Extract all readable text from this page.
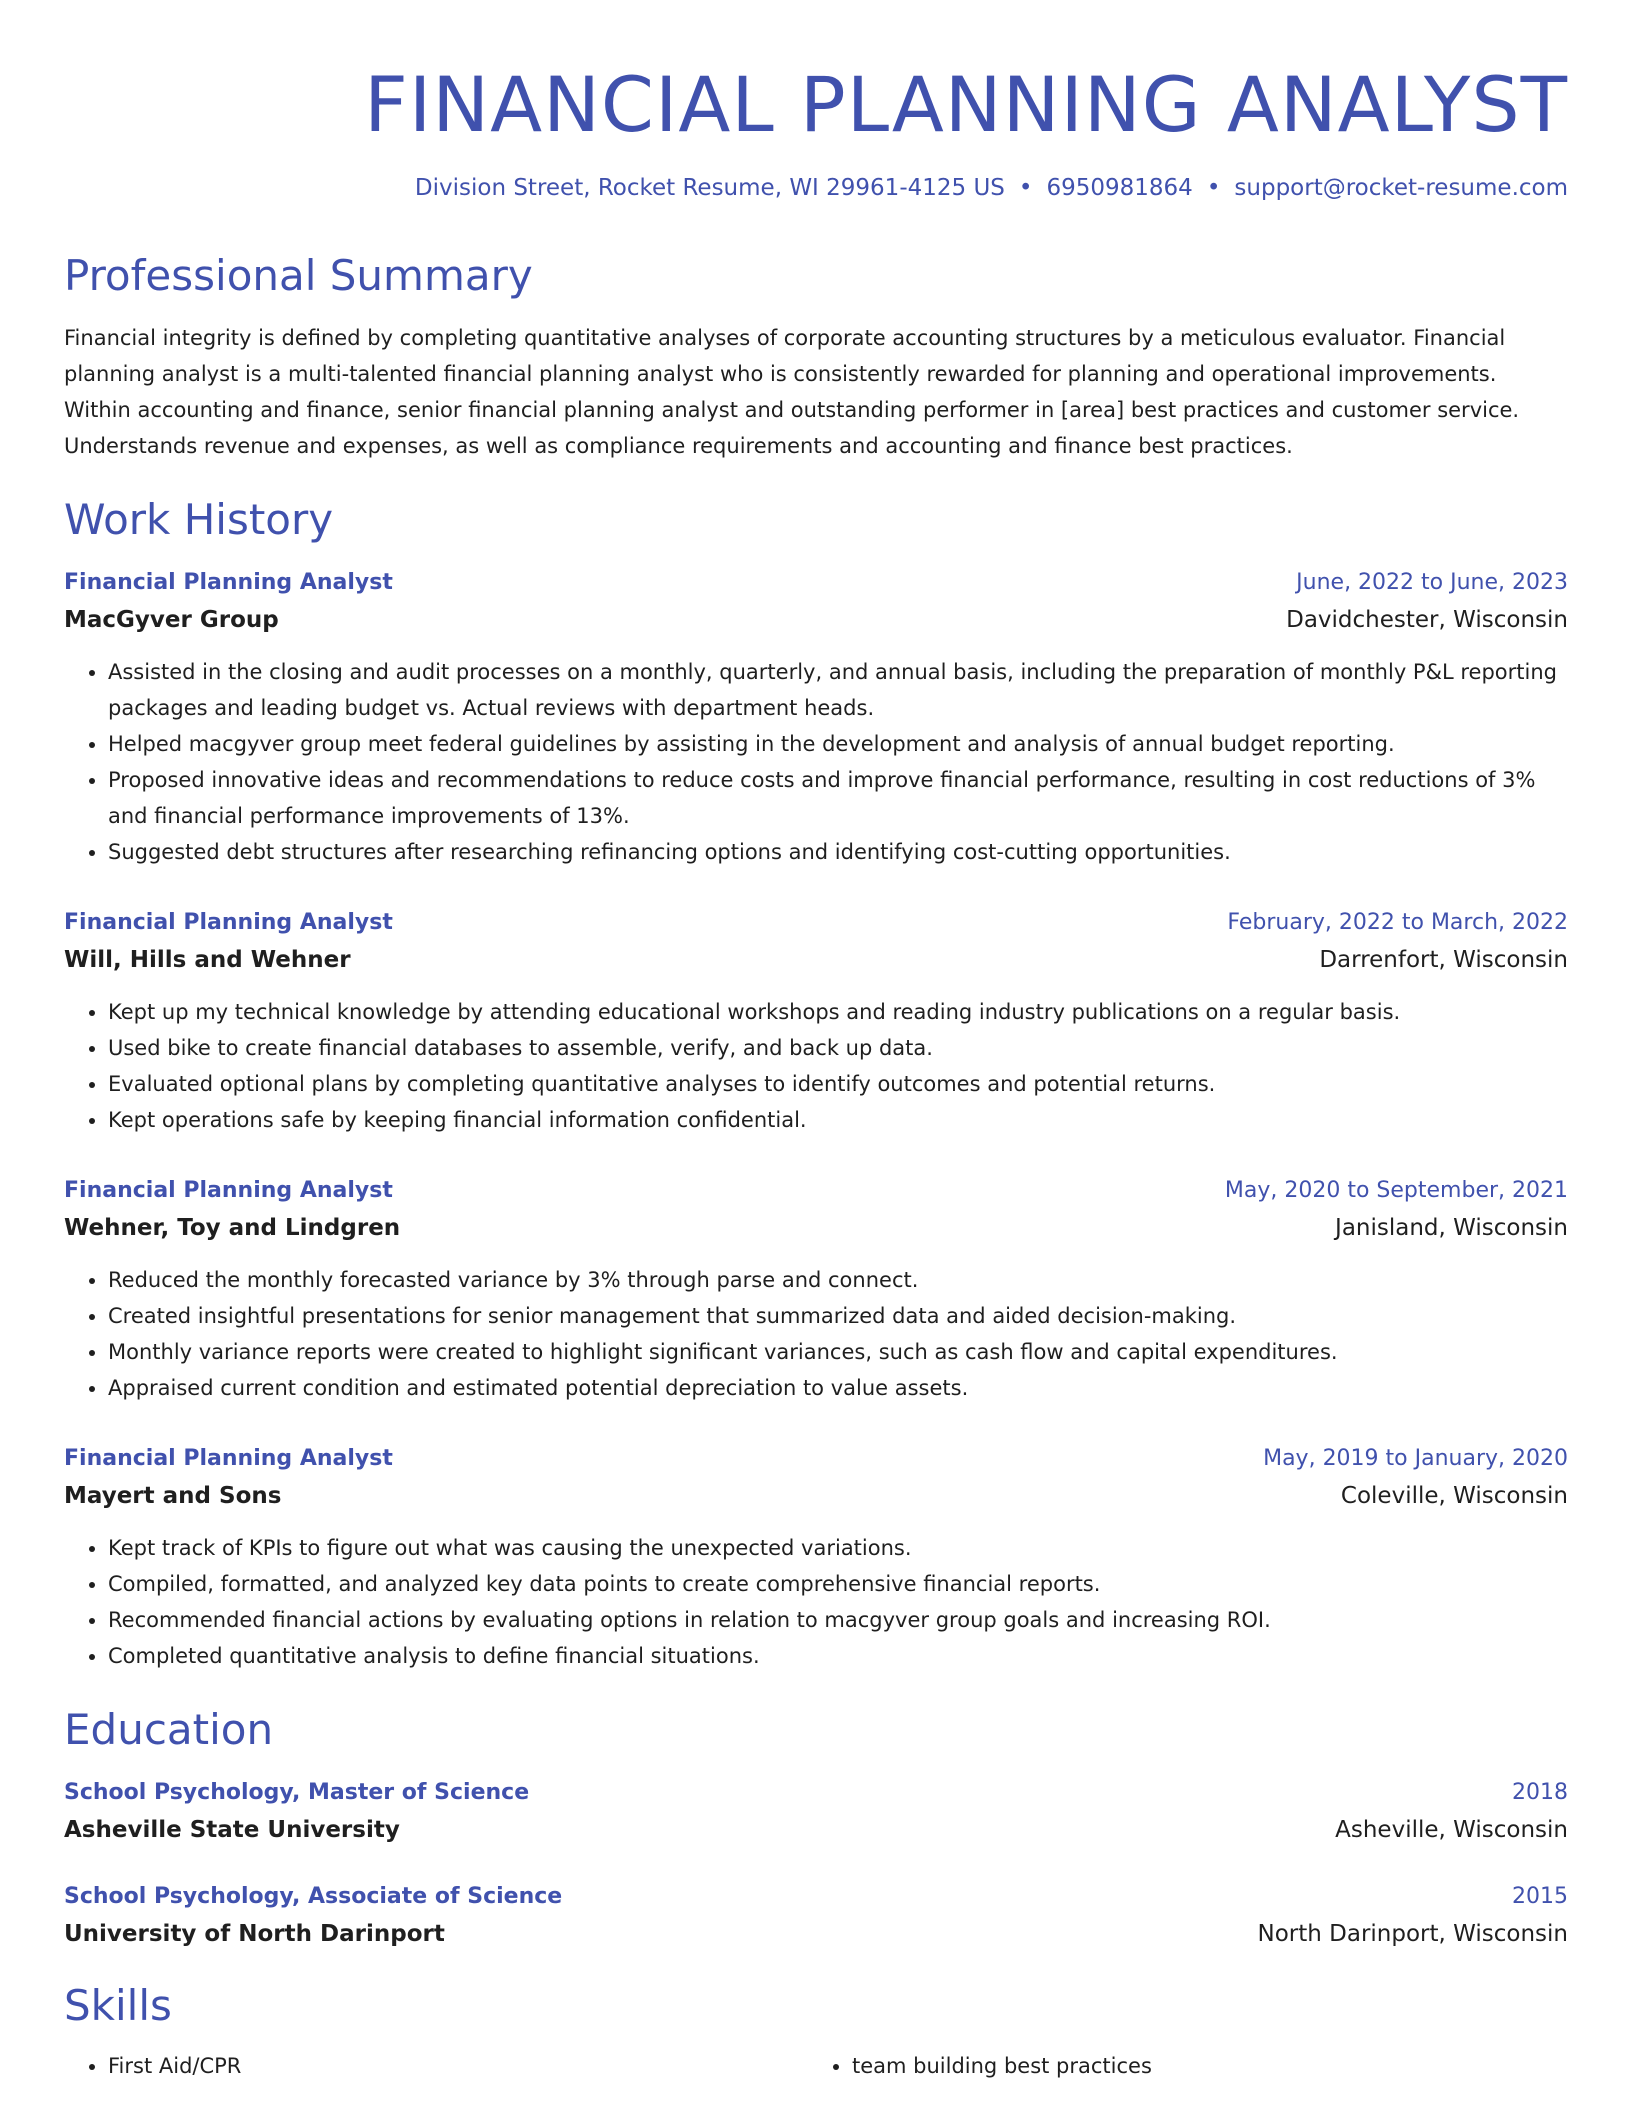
FINANCIAL PLANNING ANALYST
Division Street, Rocket Resume, WI 29961-4125 US • 6950981864 • support@rocket-resume.com
Professional Summary

Financial integrity is defined by completing quantitative analyses of corporate accounting structures by a meticulous evaluator. Financial planning analyst is a multi-talented financial planning analyst who is consistently rewarded for planning and operational improvements. Within accounting and finance, senior financial planning analyst and outstanding performer in [area] best practices and customer service. Understands revenue and expenses, as well as compliance requirements and accounting and finance best practices.

Work History
Financial Planning Analyst	June, 2022 to June, 2023
MacGyver Group	Davidchester, Wisconsin
• Assisted in the closing and audit processes on a monthly, quarterly, and annual basis, including the preparation of monthly P&L reporting packages and leading budget vs. Actual reviews with department heads.
• Helped macgyver group meet federal guidelines by assisting in the development and analysis of annual budget reporting.
• Proposed innovative ideas and recommendations to reduce costs and improve financial performance, resulting in cost reductions of 3% and financial performance improvements of 13%.
• Suggested debt structures after researching refinancing options and identifying cost-cutting opportunities.
Financial Planning Analyst	February, 2022 to March, 2022
Will, Hills and Wehner	Darrenfort, Wisconsin
• Kept up my technical knowledge by attending educational workshops and reading industry publications on a regular basis.
• Used bike to create financial databases to assemble, verify, and back up data.
• Evaluated optional plans by completing quantitative analyses to identify outcomes and potential returns.
• Kept operations safe by keeping financial information confidential.
Financial Planning Analyst	May, 2020 to September, 2021
Wehner, Toy and Lindgren	Janisland, Wisconsin
• Reduced the monthly forecasted variance by 3% through parse and connect.
• Created insightful presentations for senior management that summarized data and aided decision-making.
• Monthly variance reports were created to highlight significant variances, such as cash flow and capital expenditures.
• Appraised current condition and estimated potential depreciation to value assets.
Financial Planning Analyst	May, 2019 to January, 2020
Mayert and Sons	Coleville, Wisconsin
• Kept track of KPIs to figure out what was causing the unexpected variations.
• Compiled, formatted, and analyzed key data points to create comprehensive financial reports.
• Recommended financial actions by evaluating options in relation to macgyver group goals and increasing ROI.
• Completed quantitative analysis to define financial situations.
Education
School Psychology, Master of Science	2018
Asheville State University	Asheville, Wisconsin
School Psychology, Associate of Science	2015
University of North Darinport	North Darinport, Wisconsin
Skills
• First Aid/CPR
•	team building best practices
